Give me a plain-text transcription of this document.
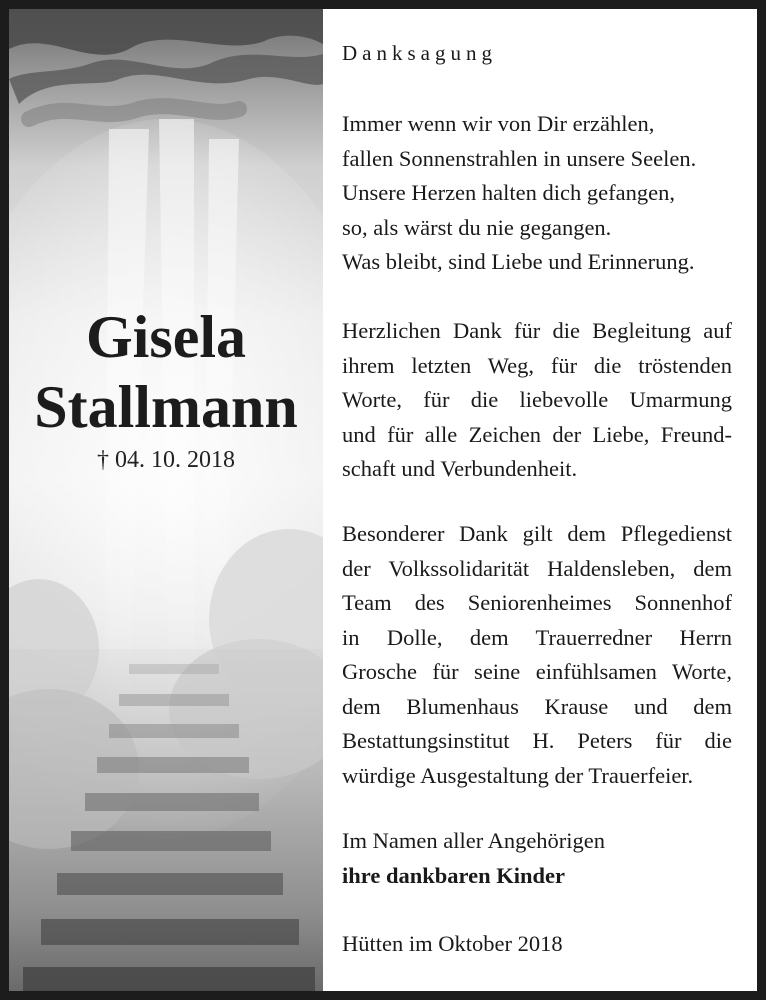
Gisela
Stallmann
† 04. 10. 2018
Danksagung
Immer wenn wir von Dir erzählen,
fallen Sonnenstrahlen in unsere Seelen.
Unsere Herzen halten dich gefangen,
so, als wärst du nie gegangen.
Was bleibt, sind Liebe und Erinnerung.
Herzlichen Dank für die Begleitung auf
ihrem letzten Weg, für die tröstenden
Worte, für die liebevolle Umarmung
und für alle Zeichen der Liebe, Freund-
schaft und Verbundenheit.
Besonderer Dank gilt dem Pflegedienst
der Volkssolidarität Haldensleben, dem
Team des Seniorenheimes Sonnenhof
in Dolle, dem Trauerredner Herrn
Grosche für seine einfühlsamen Worte,
dem Blumenhaus Krause und dem
Bestattungsinstitut H. Peters für die
würdige Ausgestaltung der Trauerfeier.
Im Namen aller Angehörigen
ihre dankbaren Kinder
Hütten im Oktober 2018
